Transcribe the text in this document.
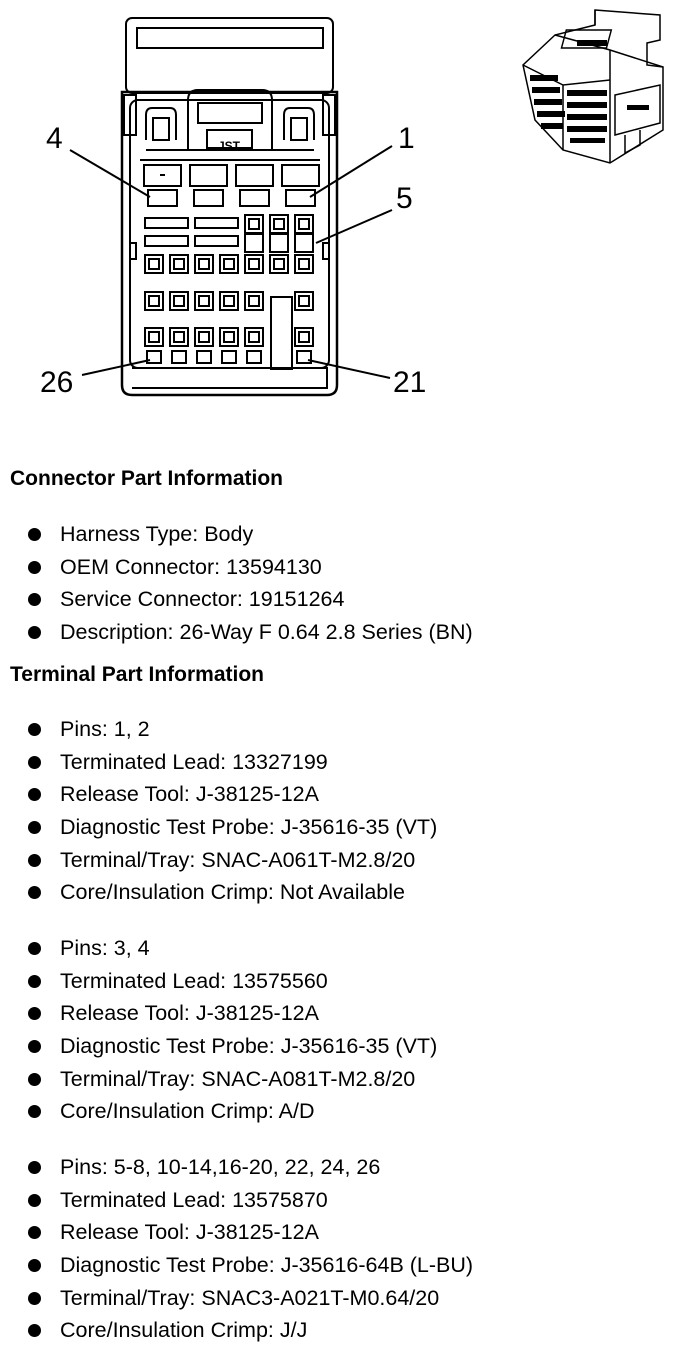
JST
4	1
5
26	21
Connector Part Information
Harness Type: Body
OEM Connector: 13594130
Service Connector: 19151264
Description: 26-Way F 0.64 2.8 Series (BN)
Terminal Part Information
Pins: 1, 2
Terminated Lead: 13327199
Release Tool: J-38125-12A
Diagnostic Test Probe: J-35616-35 (VT)
Terminal/Tray: SNAC-A061T-M2.8/20
Core/Insulation Crimp: Not Available
Pins: 3, 4
Terminated Lead: 13575560
Release Tool: J-38125-12A
Diagnostic Test Probe: J-35616-35 (VT)
Terminal/Tray: SNAC-A081T-M2.8/20
Core/Insulation Crimp: A/D
Pins: 5-8, 10-14,16-20, 22, 24, 26
Terminated Lead: 13575870
Release Tool: J-38125-12A
Diagnostic Test Probe: J-35616-64B (L-BU)
Terminal/Tray: SNAC3-A021T-M0.64/20
Core/Insulation Crimp: J/J
